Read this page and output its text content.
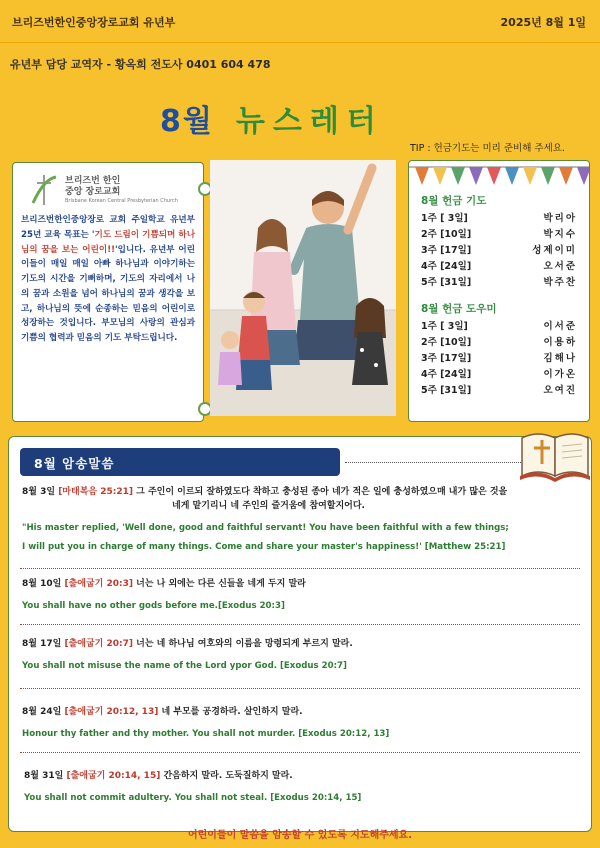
브리즈번한인중앙장로교회 유년부	2025년 8월 1일
유년부 담당 교역자 - 황옥희 전도사 0401 604 478
8월 뉴스레터
TIP : 헌금기도는 미리 준비해 주세요.
브리즈번 한인
중앙 장로교회
Brisbane Korean Central Presbyterian Church
브리즈번한인중앙장로 교회 주일학교 유년부 25년 교육 목표는 '기도 드림이 기쁨되며 하나님의 꿈을 보는 어린이!!'입니다. 유년부 어린이들이 매일 매일 아빠 하나님과 이야기하는 기도의 시간을 기뻐하며, 기도의 자리에서 나의 꿈과 소원을 넘어 하나님의 꿈과 생각을 보고, 하나님의 뜻에 순종하는 믿음의 어린이로 성장하는 것입니다. 부모님의 사랑의 관심과 기쁨의 협력과 믿음의 기도 부탁드립니다.
8월 헌금 기도
1주 [ 3일]	박리아
2주 [10일]	박지수
3주 [17일]	성제이미
4주 [24일]	오서준
5주 [31일]	박주찬
8월 헌금 도우미
1주 [ 3일]	이서준
2주 [10일]	이용하
3주 [17일]	김해나
4주 [24일]	이가온
5주 [31일]	오여진
8월 암송말씀
8월 3일 [마태복음 25:21] 그 주인이 이르되 잘하였도다 착하고 충성된 종아 네가 적은 일에 충성하였으매 내가 많은 것을
네게 맡기리니 네 주인의 즐거움에 참여할지어다.
"His master replied, 'Well done, good and faithful servant! You have been faithful with a few things;
I will put you in charge of many things. Come and share your master's happiness!' [Matthew 25:21]
8월 10일 [출애굽기 20:3] 너는 나 외에는 다른 신들을 네게 두지 말라
You shall have no other gods before me.[Exodus 20:3]
8월 17일 [출애굽기 20:7] 너는 네 하나님 여호와의 이름을 망령되게 부르지 말라.
You shall not misuse the name of the Lord ypor God. [Exodus 20:7]
8월 24일 [출애굽기 20:12, 13] 네 부모를 공경하라. 살인하지 말라.
Honour thy father and thy mother. You shall not murder. [Exodus 20:12, 13]
8월 31일 [출애굽기 20:14, 15] 간음하지 말라. 도둑질하지 말라.
You shall not commit adultery. You shall not steal. [Exodus 20:14, 15]
어린이들이 말씀을 암송할 수 있도록 지도해주세요.
